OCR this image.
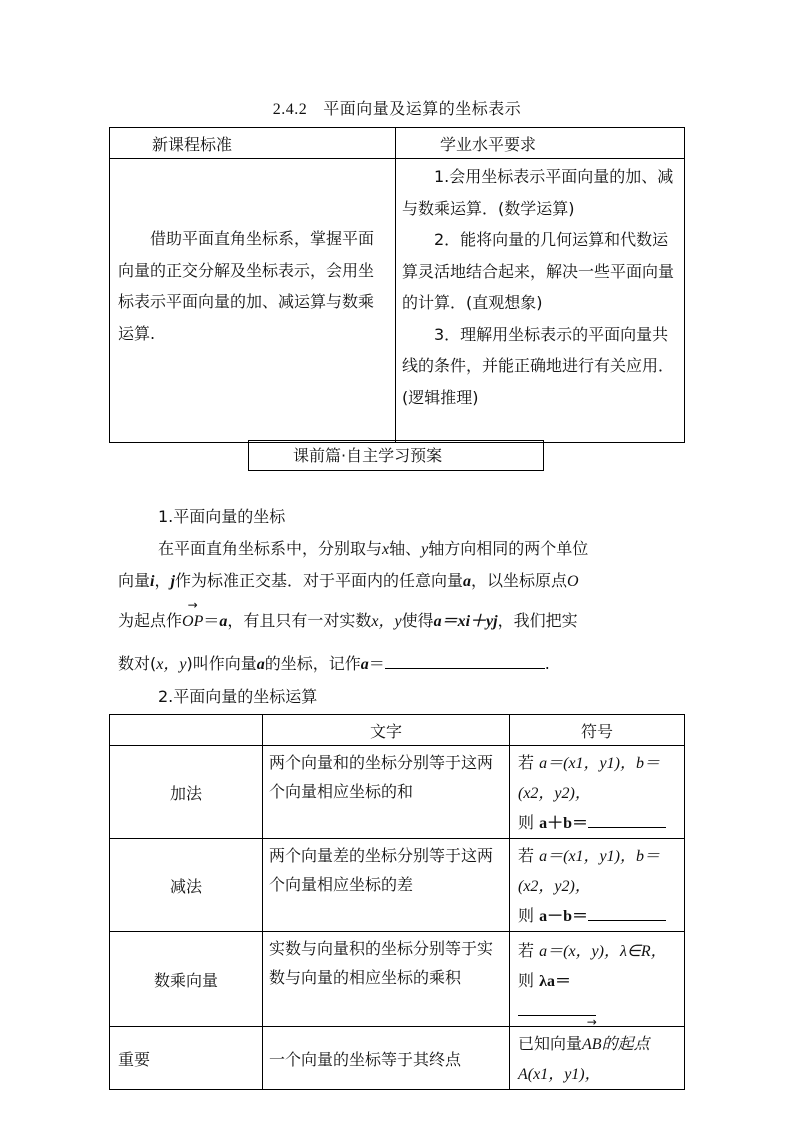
2.4.2 平面向量及运算的坐标表示
新课程标准	学业水平要求
借助平面直角坐标系，掌握平面向量的正交分解及坐标表示，会用坐标表示平面向量的加、减运算与数乘运算.	1.会用坐标表示平面向量的加、减与数乘运算．(数学运算)

2．能将向量的几何运算和代数运算灵活地结合起来，解决一些平面向量的计算．(直观想象)

3．理解用坐标表示的平面向量共线的条件，并能正确地进行有关应用．(逻辑推理)

课前篇·自主学习预案
1.平面向量的坐标
在平面直角坐标系中，分别取与x轴、y轴方向相同的两个单位
向量i，j作为标准正交基．对于平面内的任意向量a，以坐标原点O
为起点作
→
OP＝a，有且只有一对实数x，y使得a＝xi＋yj，我们把实
数对(x，y)叫作向量a的坐标，记作a＝	.
2.平面向量的坐标运算
	文字	符号
加法	两个向量和的坐标分别等于这两个向量相应坐标的和	若 a＝(x1，y1)，b＝(x2，y2)，
则 a＋b＝
减法	两个向量差的坐标分别等于这两个向量相应坐标的差	若 a＝(x1，y1)，b＝(x2，y2)，
则 a－b＝
数乘向量	实数与向量积的坐标分别等于实数与向量的相应坐标的乘积	若 a＝(x，y)，λ∈R， 则 λa＝

重要	一个向量的坐标等于其终点	已知向量
→
AB的起点A(x1，y1)，
